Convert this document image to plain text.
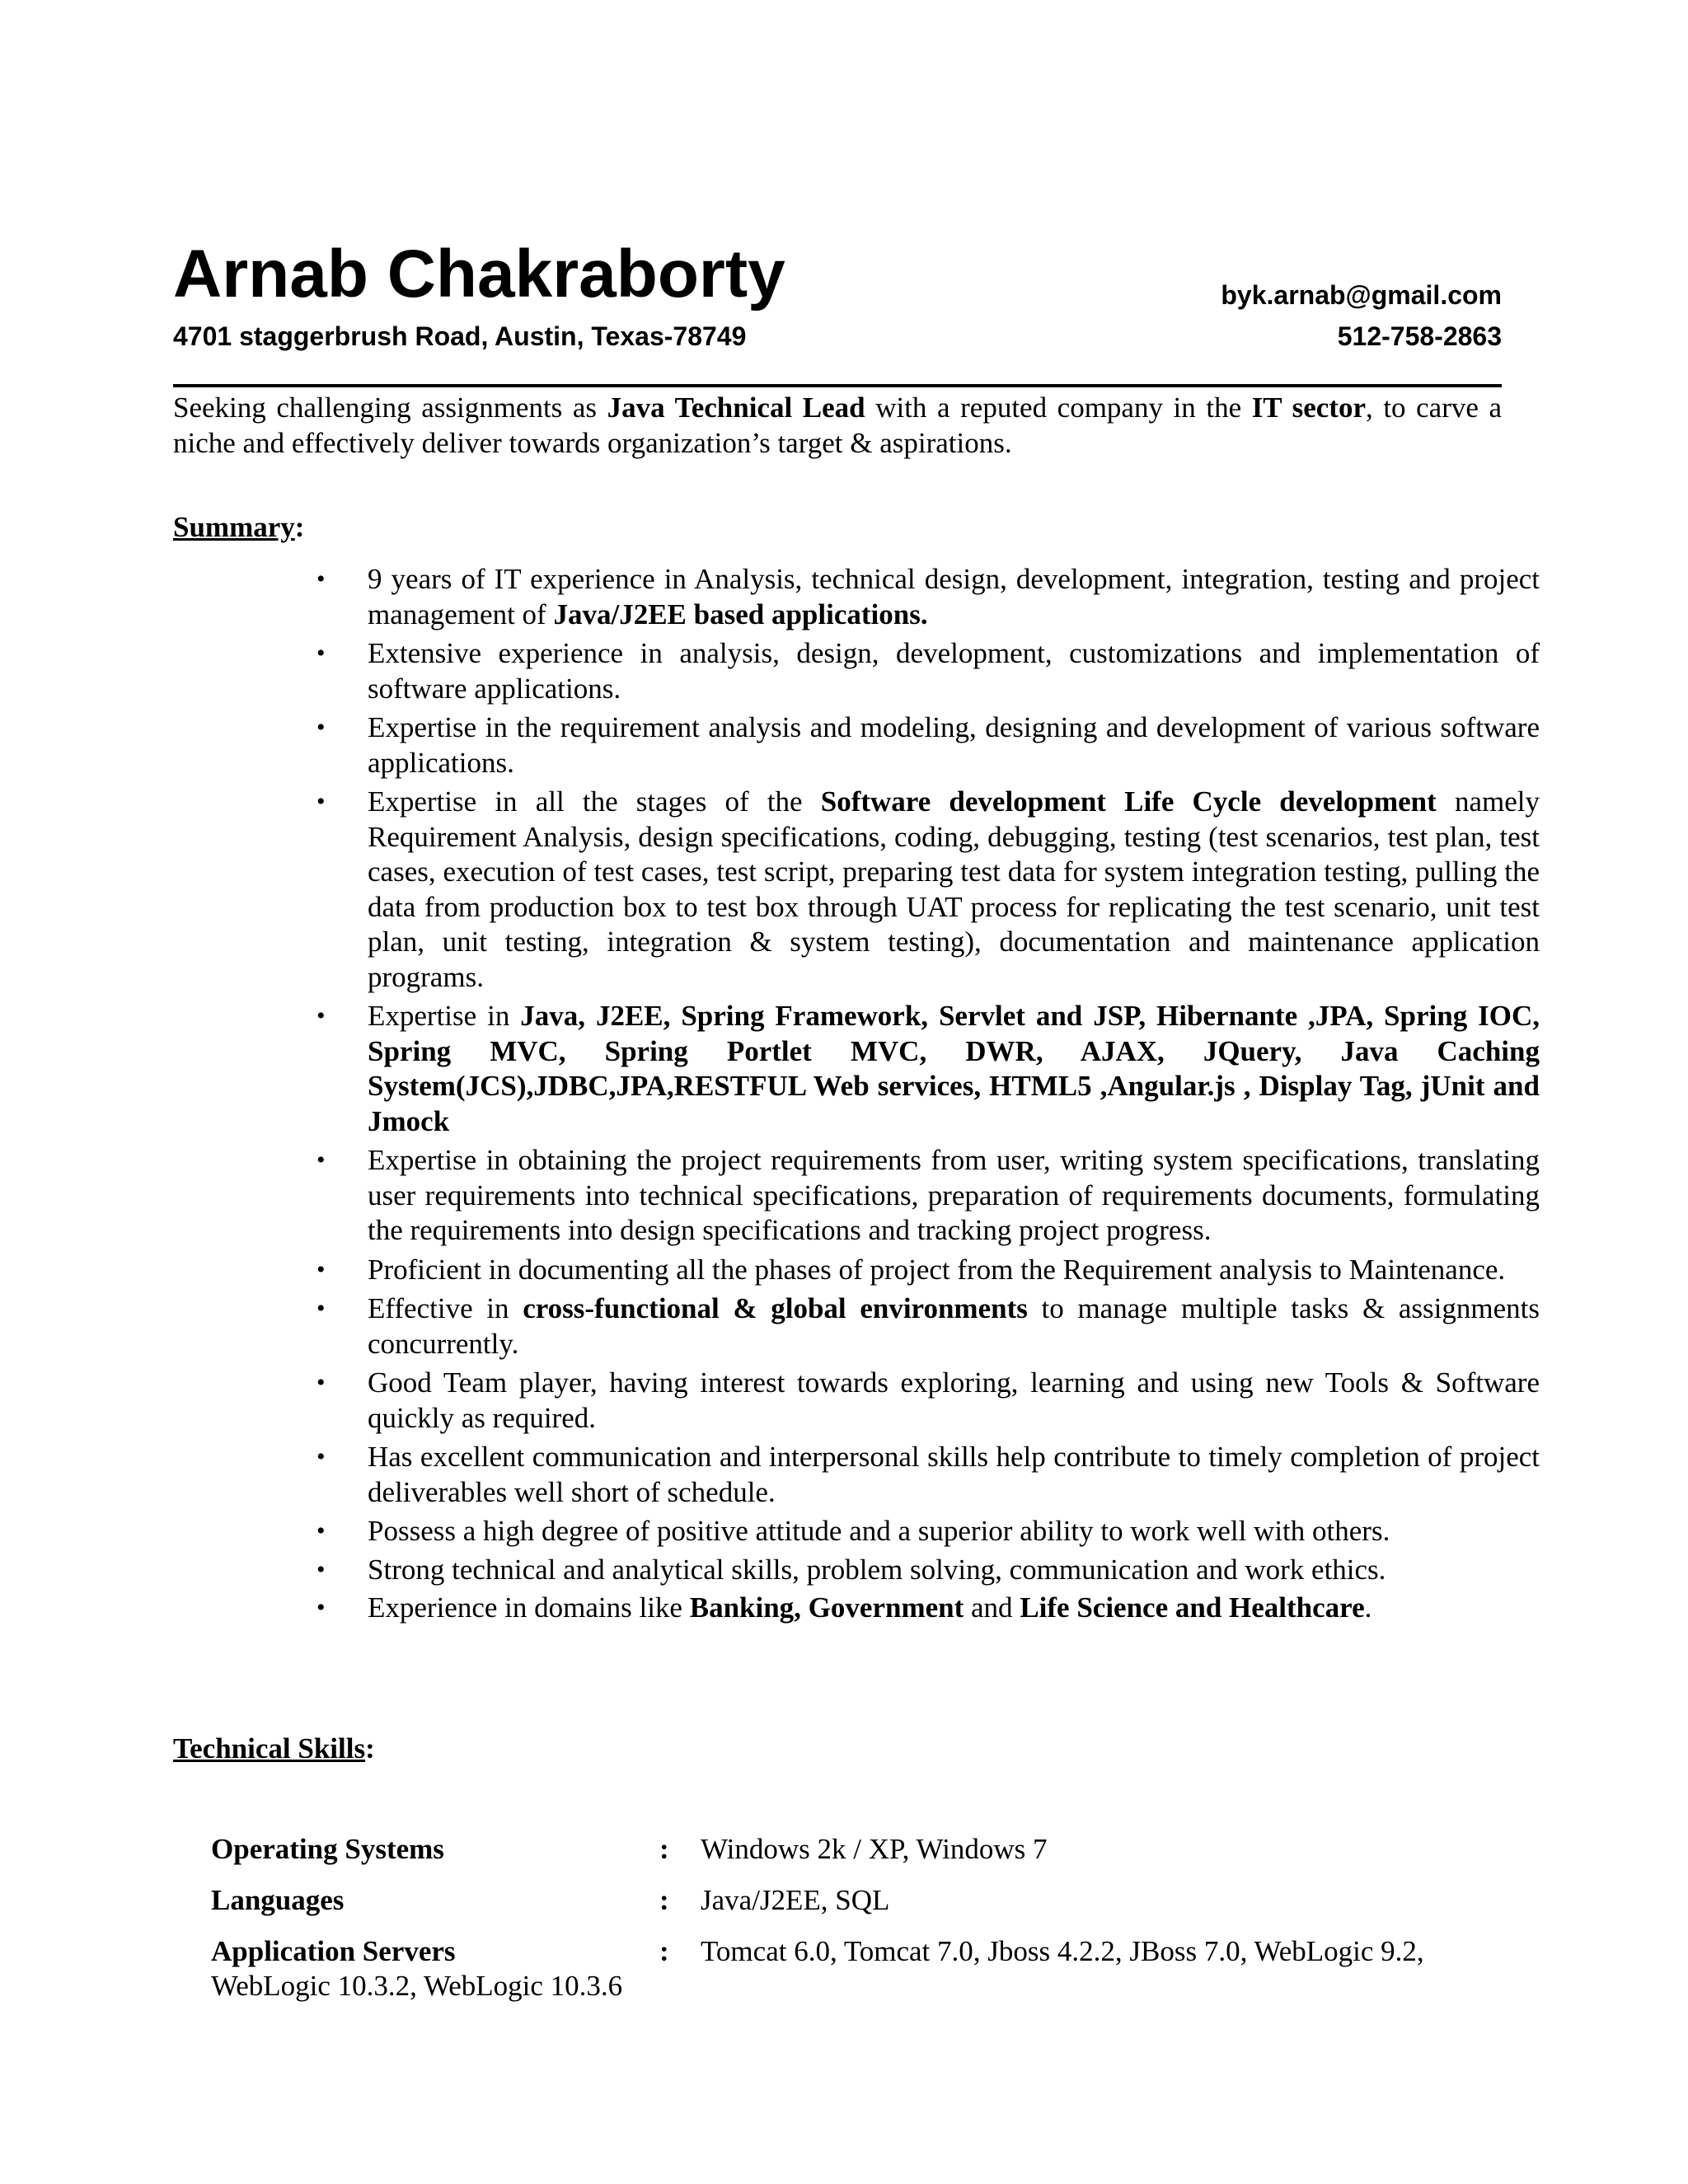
Arnab Chakraborty	byk.arnab@gmail.com
4701 staggerbrush Road, Austin, Texas-78749	512-758-2863
Seeking challenging assignments as Java Technical Lead with a reputed company in the IT sector, to carve a niche and effectively deliver towards organization’s target & aspirations.
Summary:
• 9 years of IT experience in Analysis, technical design, development, integration, testing and project management of Java/J2EE based applications.
• Extensive experience in analysis, design, development, customizations and implementation of software applications.
• Expertise in the requirement analysis and modeling, designing and development of various software applications.
• Expertise in all the stages of the Software development Life Cycle development namely Requirement Analysis, design specifications, coding, debugging, testing (test scenarios, test plan, test cases, execution of test cases, test script, preparing test data for system integration testing, pulling the data from production box to test box through UAT process for replicating the test scenario, unit test plan, unit testing, integration & system testing), documentation and maintenance application programs.
• Expertise in Java, J2EE, Spring Framework, Servlet and JSP, Hibernante ,JPA, Spring IOC, Spring MVC, Spring Portlet MVC, DWR, AJAX, JQuery, Java Caching System(JCS),JDBC,JPA,RESTFUL Web services, HTML5 ,Angular.js , Display Tag, jUnit and Jmock
• Expertise in obtaining the project requirements from user, writing system specifications, translating user requirements into technical specifications, preparation of requirements documents, formulating the requirements into design specifications and tracking project progress.
• Proficient in documenting all the phases of project from the Requirement analysis to Maintenance.
• Effective in cross-functional & global environments to manage multiple tasks & assignments concurrently.
• Good Team player, having interest towards exploring, learning and using new Tools & Software quickly as required.
• Has excellent communication and interpersonal skills help contribute to timely completion of project deliverables well short of schedule.
• Possess a high degree of positive attitude and a superior ability to work well with others.
• Strong technical and analytical skills, problem solving, communication and work ethics.
• Experience in domains like Banking, Government and Life Science and Healthcare.
Technical Skills:
Operating Systems	: Windows 2k / XP, Windows 7
Languages	: Java/J2EE, SQL
Application Servers	: Tomcat 6.0, Tomcat 7.0, Jboss 4.2.2, JBoss 7.0, WebLogic 9.2,
WebLogic 10.3.2, WebLogic 10.3.6
